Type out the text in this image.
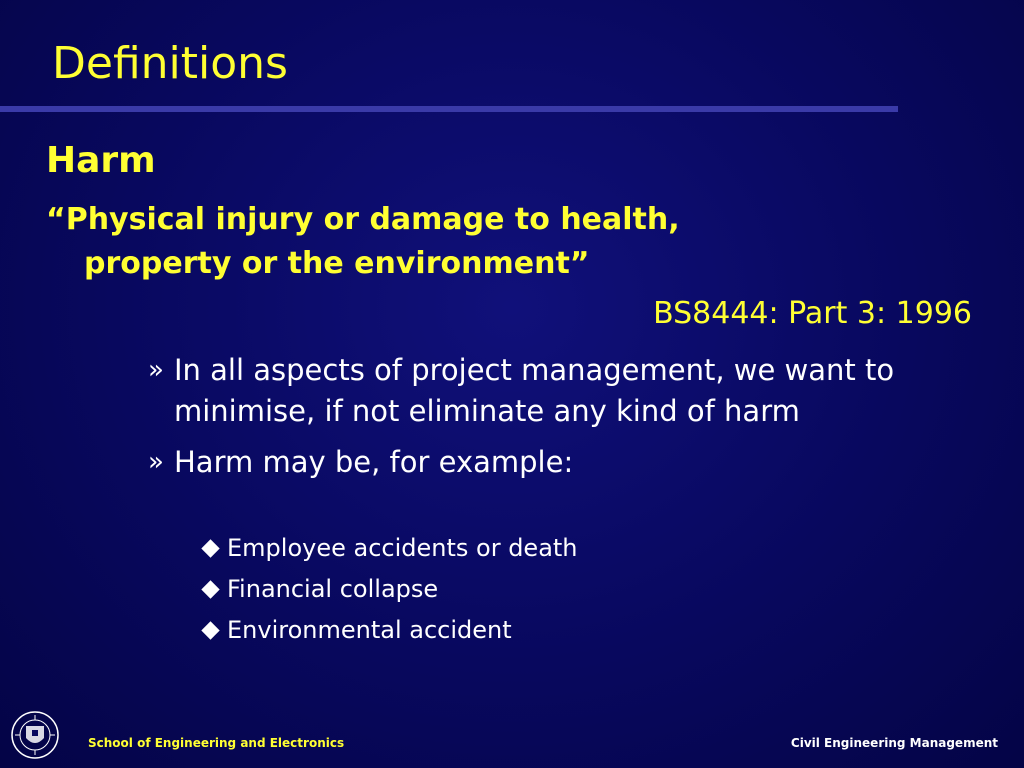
Definitions
Harm
“Physical injury or damage to health,
property or the environment”
BS8444: Part 3: 1996
» In all aspects of project management, we want to minimise, if not eliminate any kind of harm
» Harm may be, for example:
Employee accidents or death
Financial collapse
Environmental accident
School of Engineering and Electronics	Civil Engineering Management
